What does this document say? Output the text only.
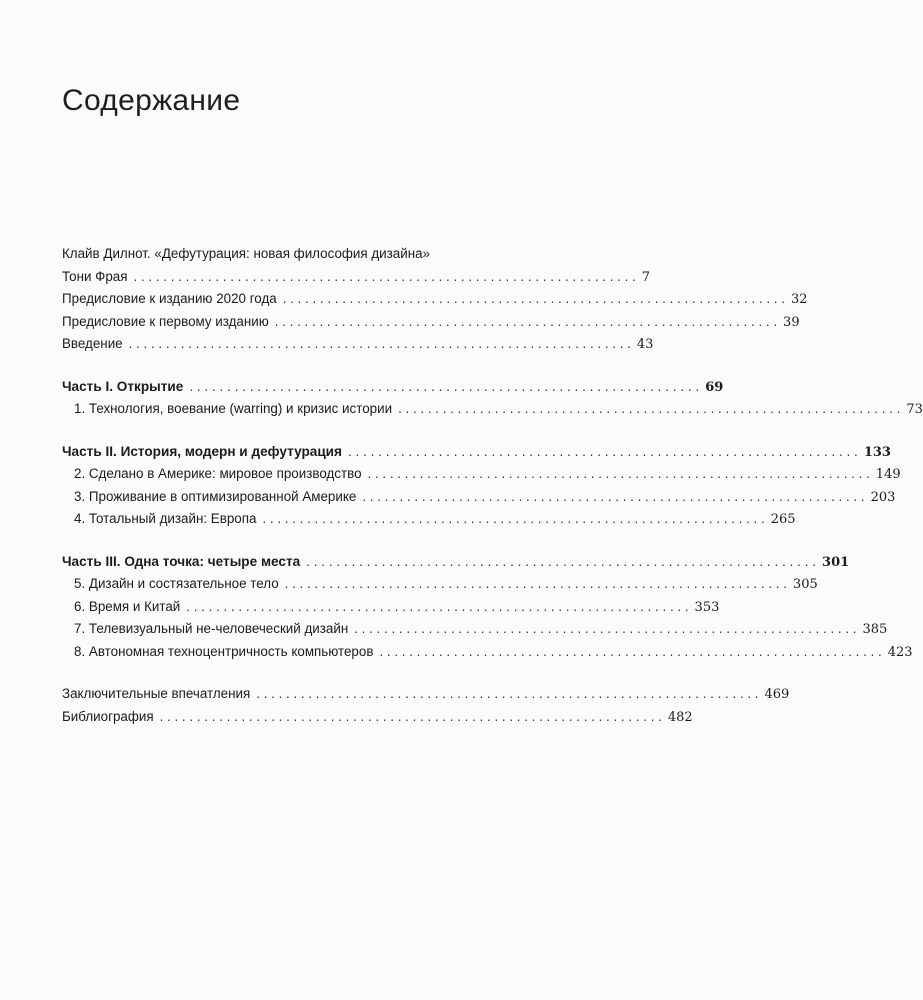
Содержание
Клайв Дилнот. «Дефутурация: новая философия дизайна»
Тони Фрая . . .	7
Предисловие к изданию 2020 года . . .	32
Предисловие к первому изданию . . .	39
Введение . . .	43
Часть I. Открытие . . .	69
1. Технология, воевание (warring) и кризис истории . . .	73
Часть II. История, модерн и дефутурация . . .	133
2. Сделано в Америке: мировое производство . . .	149
3. Проживание в оптимизированной Америке . . .	203
4. Тотальный дизайн: Европа . . .	265
Часть III. Одна точка: четыре места . . .	301
5. Дизайн и состязательное тело . . .	305
6. Время и Китай . . .	353
7. Телевизуальный не-человеческий дизайн . . .	385
8. Автономная техноцентричность компьютеров . . .	423
Заключительные впечатления . . .	469
Библиография . . .	482
